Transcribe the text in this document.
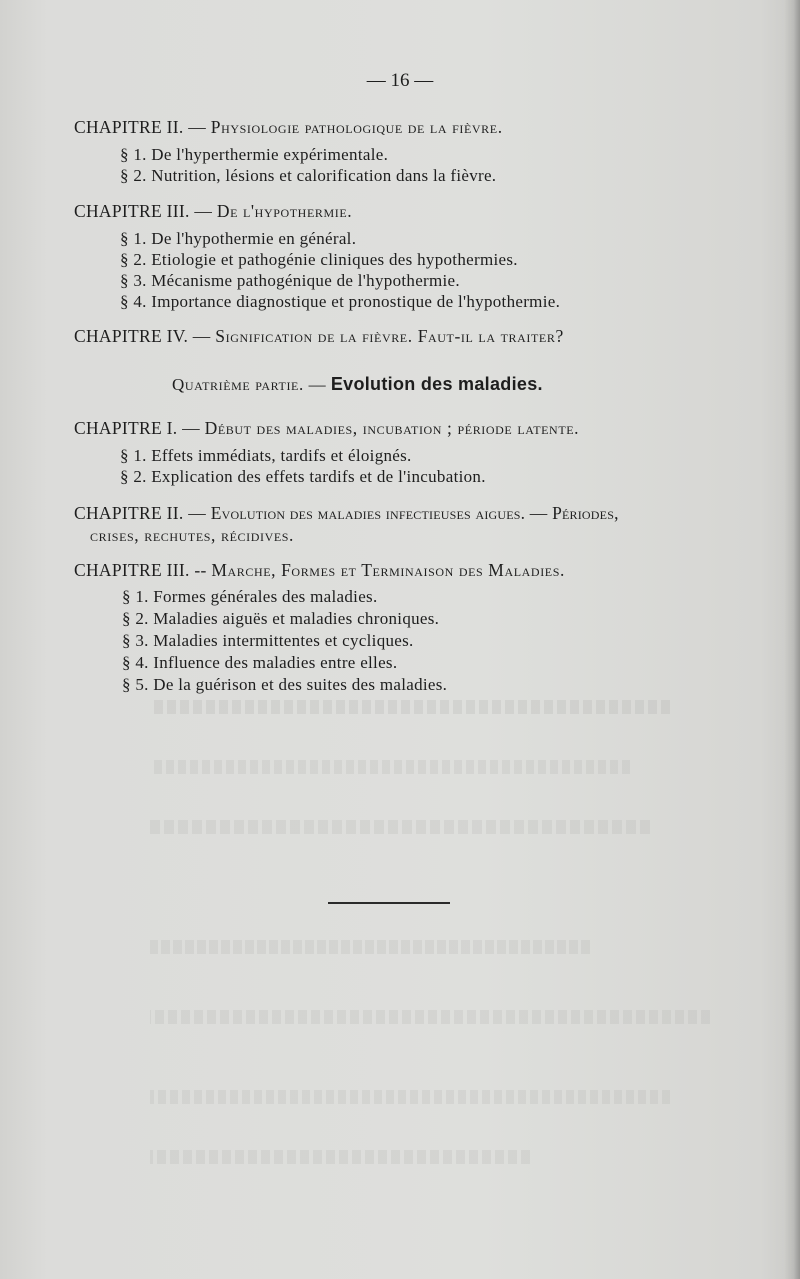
— 16 —
CHAPITRE II. — Physiologie pathologique de la fièvre.
§ 1. De l'hyperthermie expérimentale.
§ 2. Nutrition, lésions et calorification dans la fièvre.
CHAPITRE III. — De l'hypothermie.
§ 1. De l'hypothermie en général.
§ 2. Etiologie et pathogénie cliniques des hypothermies.
§ 3. Mécanisme pathogénique de l'hypothermie.
§ 4. Importance diagnostique et pronostique de l'hypothermie.
CHAPITRE IV. — Signification de la fièvre. Faut-il la traiter?
Quatrième partie. — Evolution des maladies.
CHAPITRE I. — Début des maladies, incubation ; période latente.
§ 1. Effets immédiats, tardifs et éloignés.
§ 2. Explication des effets tardifs et de l'incubation.
CHAPITRE II. — Evolution des maladies infectieuses aigues. — Périodes,
crises, rechutes, récidives.
CHAPITRE III. -- Marche, Formes et Terminaison des Maladies.
§ 1. Formes générales des maladies.
§ 2. Maladies aiguës et maladies chroniques.
§ 3. Maladies intermittentes et cycliques.
§ 4. Influence des maladies entre elles.
§ 5. De la guérison et des suites des maladies.
